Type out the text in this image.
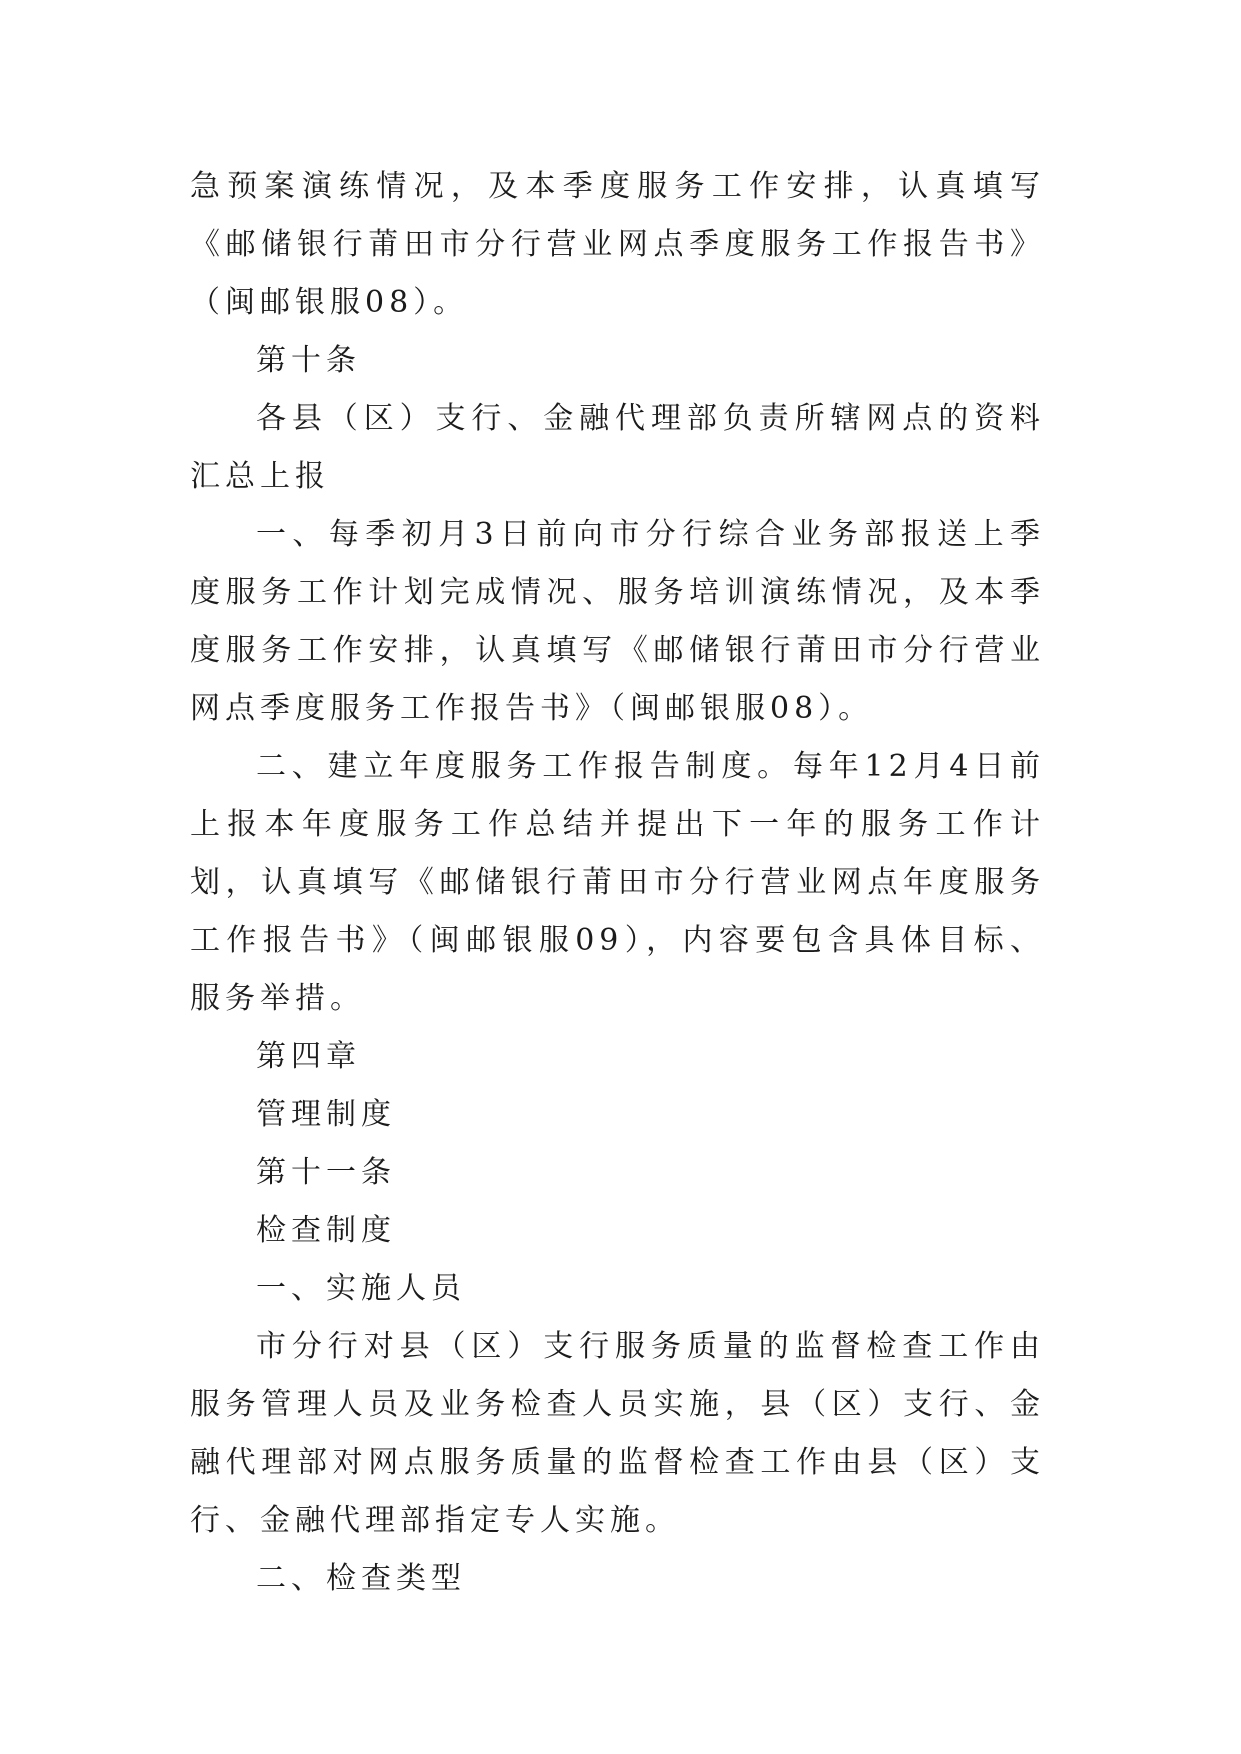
急预案演练情况，及本季度服务工作安排，认真填写《邮储银行莆田市分行营业网点季度服务工作报告书》（闽邮银服08）。

第十条

各县（区）支行、金融代理部负责所辖网点的资料汇总上报

一、每季初月3日前向市分行综合业务部报送上季度服务工作计划完成情况、服务培训演练情况，及本季度服务工作安排，认真填写《邮储银行莆田市分行营业网点季度服务工作报告书》（闽邮银服08）。

二、建立年度服务工作报告制度。每年12月4日前上报本年度服务工作总结并提出下一年的服务工作计划，认真填写《邮储银行莆田市分行营业网点年度服务工作报告书》（闽邮银服09），内容要包含具体目标、服务举措。

第四章

管理制度

第十一条

检查制度

一、实施人员

市分行对县（区）支行服务质量的监督检查工作由服务管理人员及业务检查人员实施，县（区）支行、金融代理部对网点服务质量的监督检查工作由县（区）支行、金融代理部指定专人实施。

二、检查类型
